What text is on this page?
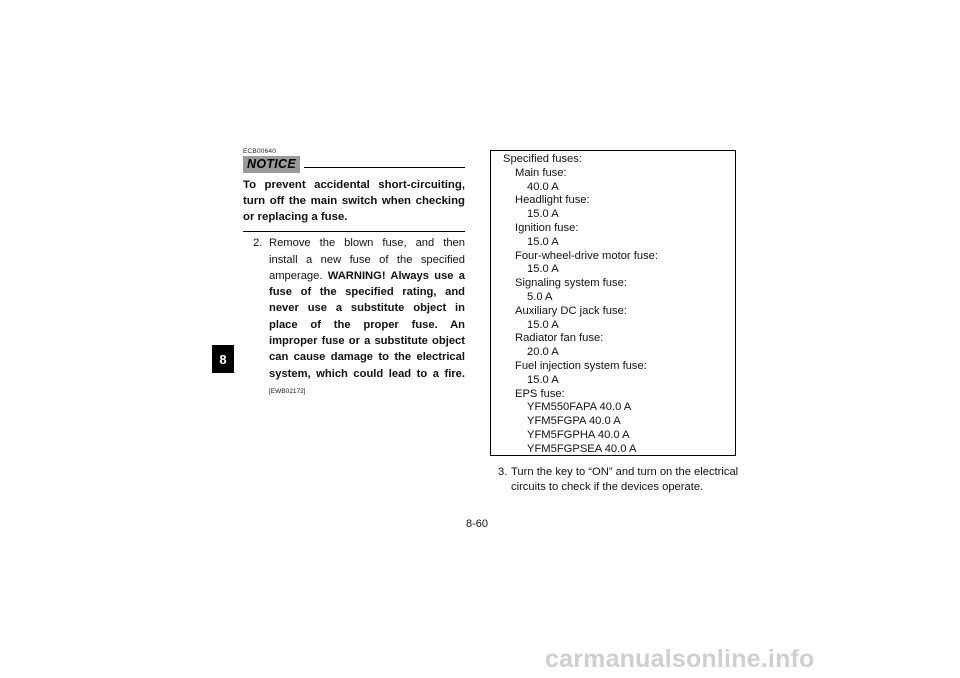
8
ECB00640
NOTICE
To prevent accidental short-circuiting, turn off the main switch when checking or replacing a fuse.
2. Remove the blown fuse, and then install a new fuse of the specified amperage. WARNING! Always use a fuse of the specified rating, and never use a substitute object in place of the proper fuse. An improper fuse or a substitute object can cause damage to the electrical system, which could lead to a fire. [EWB02172]
Specified fuses:
Main fuse:
40.0 A
Headlight fuse:
15.0 A
Ignition fuse:
15.0 A
Four-wheel-drive motor fuse:
15.0 A
Signaling system fuse:
5.0 A
Auxiliary DC jack fuse:
15.0 A
Radiator fan fuse:
20.0 A
Fuel injection system fuse:
15.0 A
EPS fuse:
YFM550FAPA 40.0 A
YFM5FGPA 40.0 A
YFM5FGPHA 40.0 A
YFM5FGPSEA 40.0 A
3. Turn the key to “ON” and turn on the electrical circuits to check if the devices operate.
8-60
carmanualsonline.info
